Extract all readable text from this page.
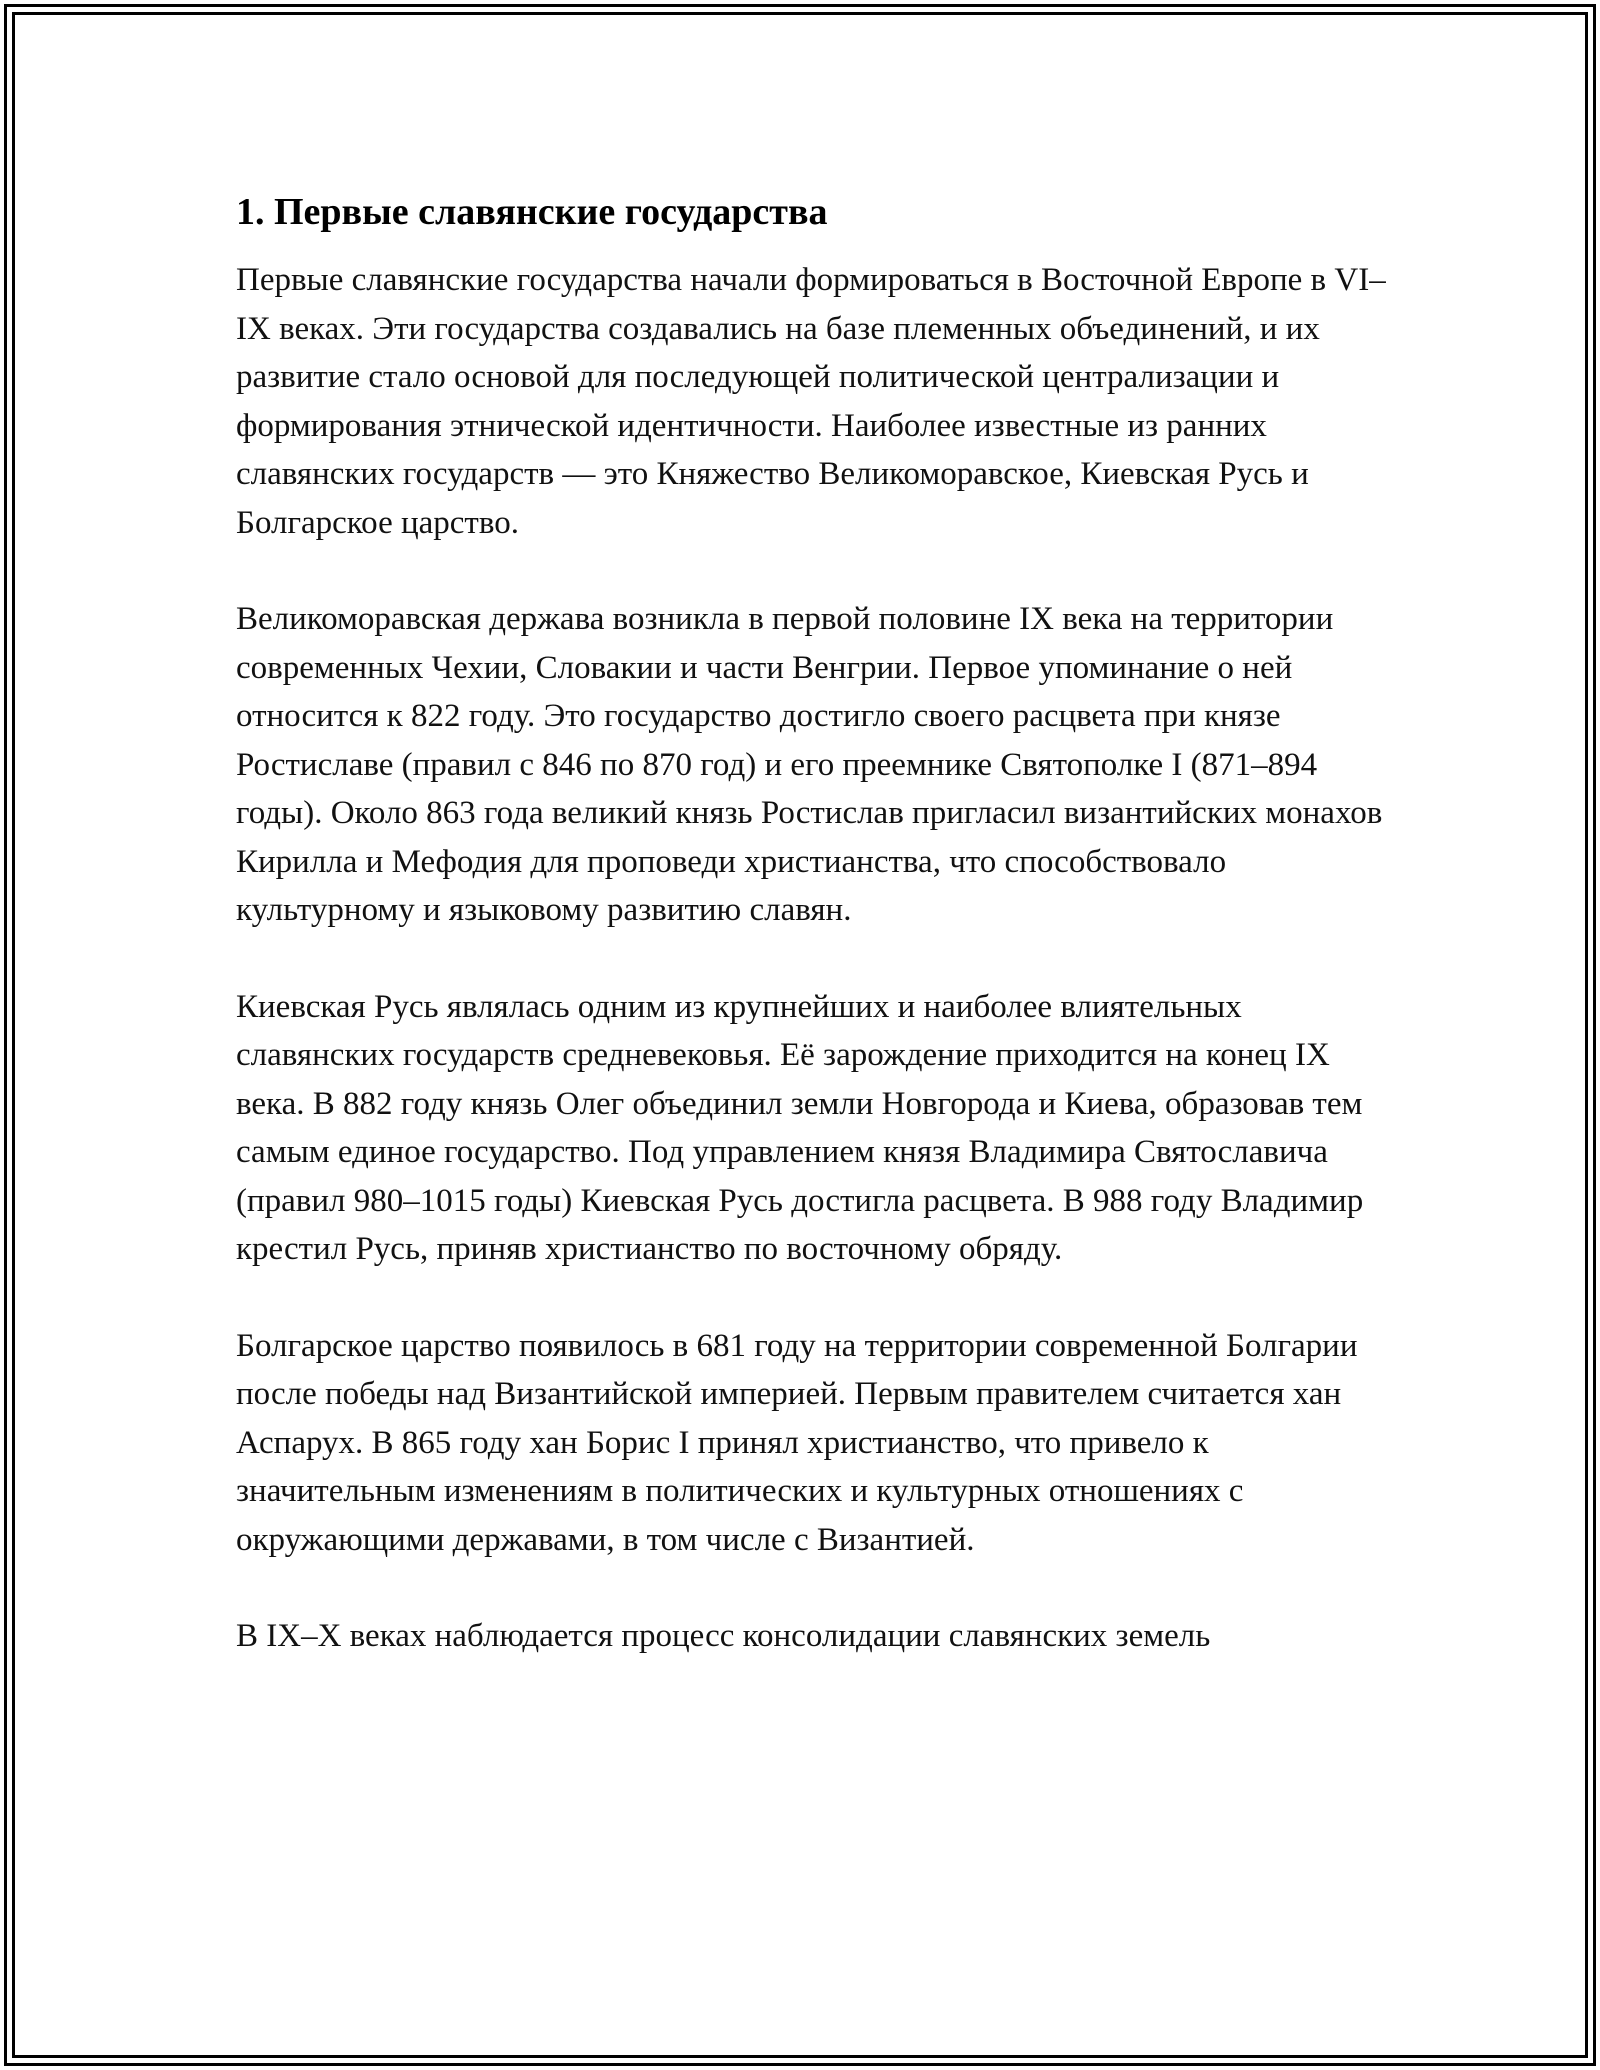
1. Первые славянские государства

Первые славянские государства начали формироваться в Восточной Европе в VI–IX веках. Эти государства создавались на базе племенных объединений, и их развитие стало основой для последующей политической централизации и формирования этнической идентичности. Наиболее известные из ранних славянских государств — это Княжество Великоморавское, Киевская Русь и Болгарское царство.

Великоморавская держава возникла в первой половине IX века на территории современных Чехии, Словакии и части Венгрии. Первое упоминание о ней относится к 822 году. Это государство достигло своего расцвета при князе Ростиславе (правил с 846 по 870 год) и его преемнике Святополке I (871–894 годы). Около 863 года великий князь Ростислав пригласил византийских монахов Кирилла и Мефодия для проповеди христианства, что способствовало культурному и языковому развитию славян.

Киевская Русь являлась одним из крупнейших и наиболее влиятельных славянских государств средневековья. Её зарождение приходится на конец IX века. В 882 году князь Олег объединил земли Новгорода и Киева, образовав тем самым единое государство. Под управлением князя Владимира Святославича (правил 980–1015 годы) Киевская Русь достигла расцвета. В 988 году Владимир крестил Русь, приняв христианство по восточному обряду.

Болгарское царство появилось в 681 году на территории современной Болгарии после победы над Византийской империей. Первым правителем считается хан Аспарух. В 865 году хан Борис I принял христианство, что привело к значительным изменениям в политических и культурных отношениях с окружающими державами, в том числе с Византией.

В IX–X веках наблюдается процесс консолидации славянских земель
